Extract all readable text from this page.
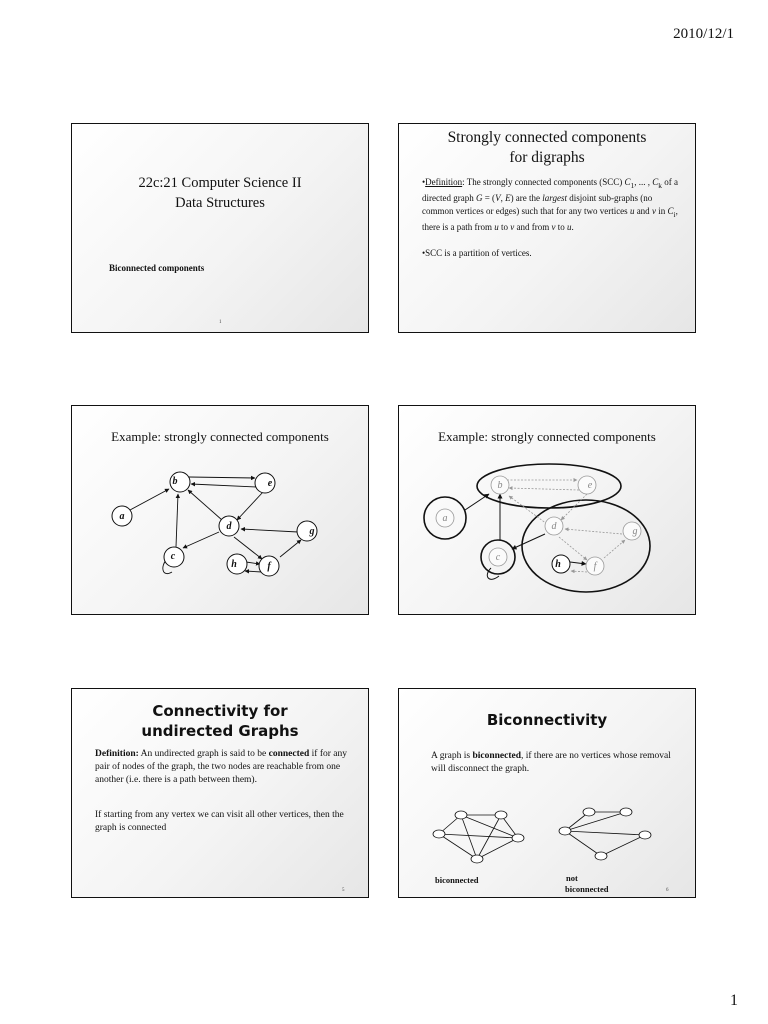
2010/12/1
22c:21 Computer Science II
Data Structures
Biconnected components
1
Strongly connected components
for digraphs

•Definition: The strongly connected components (SCC) $C_1$, ... , $C_k$ of a directed graph G = (V, E) are the largest disjoint sub-graphs (no common vertices or edges) such that for any two vertices u and v in $C_i$, there is a path from u to v and from v to u.

•SCC is a partition of vertices.

Example: strongly connected components
a
b
c
d
e
f
g
h
Example: strongly connected components
a
b
c
d
e
f
g
h
Connectivity for
undirected Graphs

Definition: An undirected graph is said to be connected if for any pair of nodes of the graph, the two nodes are reachable from one another (i.e. there is a path between them).

If starting from any vertex we can visit all other vertices, then the graph is connected

5
Biconnectivity
A graph is biconnected, if there are no vertices whose removal will disconnect the graph.
biconnected	not
biconnected	6
1
